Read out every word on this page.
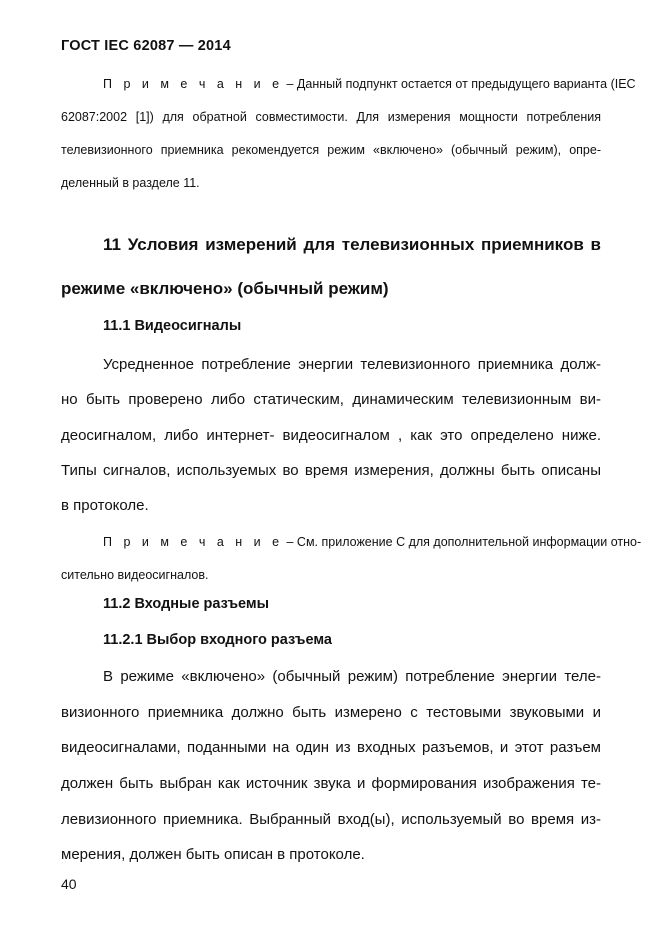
ГОСТ IEC 62087 — 2014
П р и м е ч а н и е – Данный подпункт остается от предыдущего варианта (IEC
62087:2002 [1]) для обратной совместимости. Для измерения мощности потребления
телевизионного приемника рекомендуется режим «включено» (обычный режим), опре-
деленный в разделе 11.
11 Условия измерений для телевизионных приемников в
режиме «включено» (обычный режим)
11.1 Видеосигналы
Усредненное потребление энергии телевизионного приемника долж-
но быть проверено либо статическим, динамическим телевизионным ви-
деосигналом, либо интернет- видеосигналом , как это определено ниже.
Типы сигналов, используемых во время измерения, должны быть описаны
в протоколе.
П р и м е ч а н и е – См. приложение С для дополнительной информации отно-
сительно видеосигналов.
11.2 Входные разъемы
11.2.1 Выбор входного разъема
В режиме «включено» (обычный режим) потребление энергии теле-
визионного приемника должно быть измерено с тестовыми звуковыми и
видеосигналами, поданными на один из входных разъемов, и этот разъем
должен быть выбран как источник звука и формирования изображения те-
левизионного приемника. Выбранный вход(ы), используемый во время из-
мерения, должен быть описан в протоколе.
40
